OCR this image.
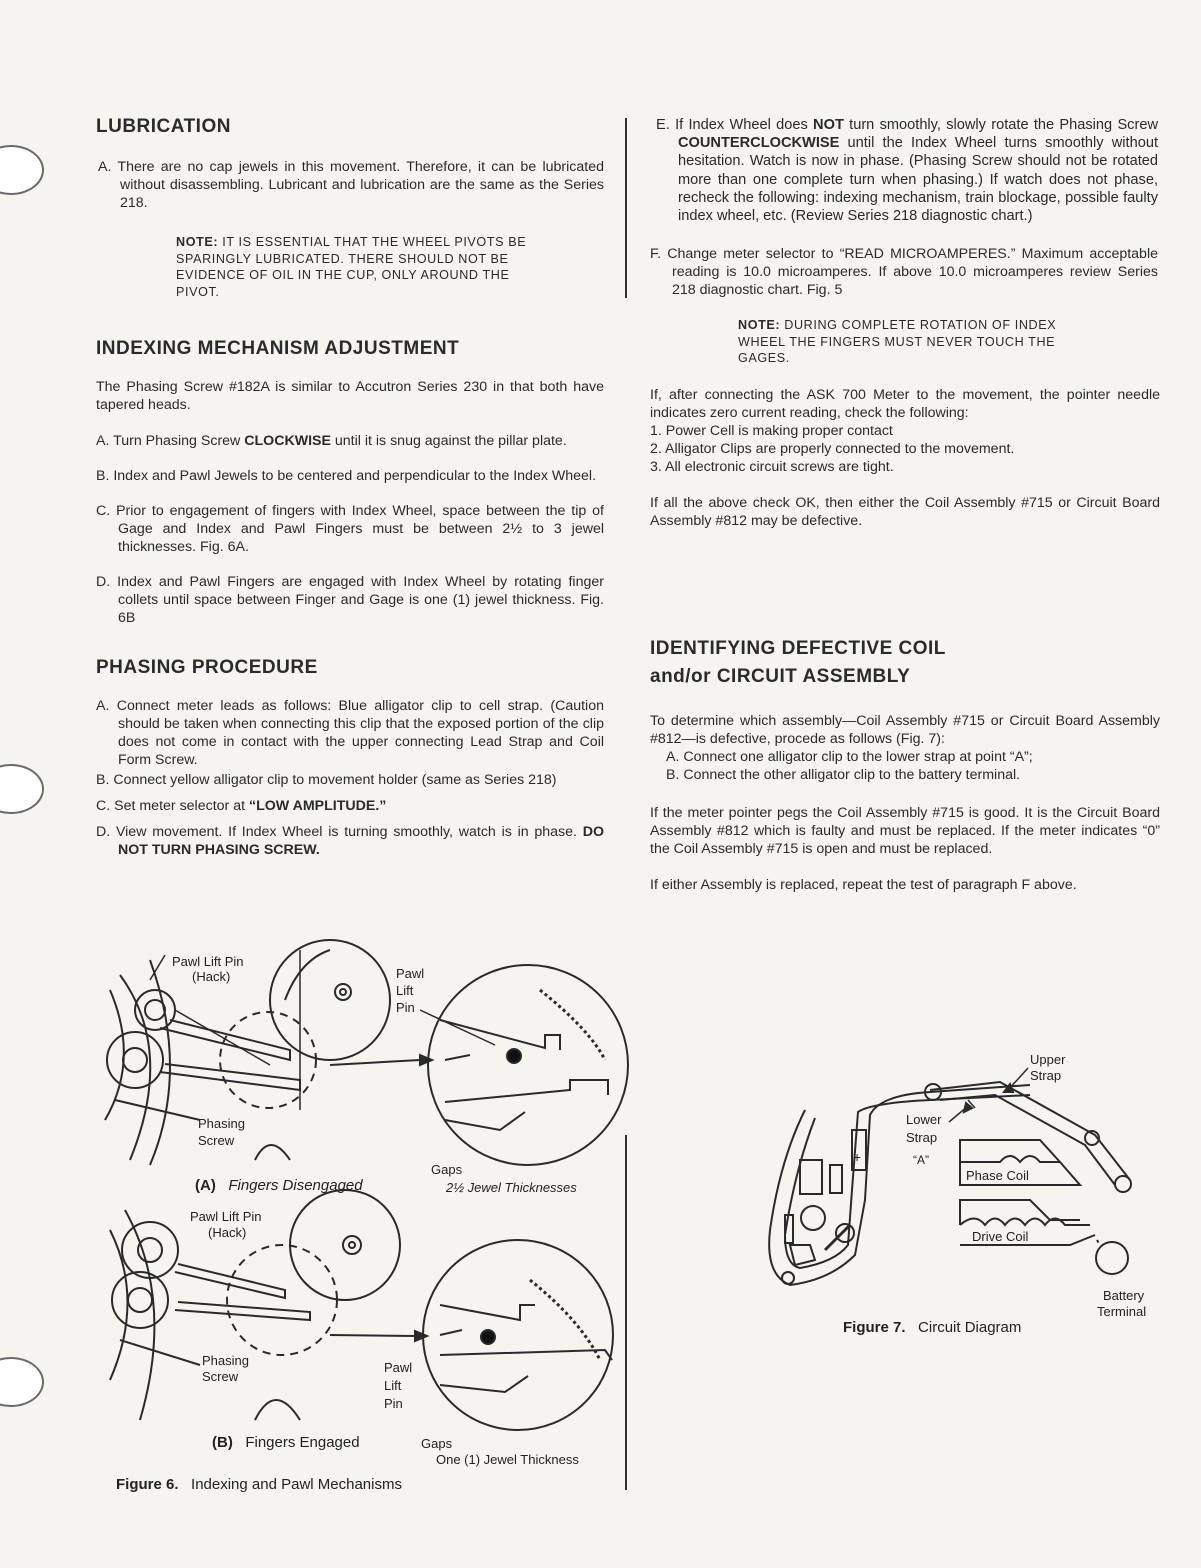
LUBRICATION

A. There are no cap jewels in this movement. Therefore, it can be lubricated without disassembling. Lubricant and lubrication are the same as the Series 218.

NOTE: IT IS ESSENTIAL THAT THE WHEEL PIVOTS BE SPARINGLY LUBRICATED. THERE SHOULD NOT BE EVIDENCE OF OIL IN THE CUP, ONLY AROUND THE PIVOT.

INDEXING MECHANISM ADJUSTMENT

The Phasing Screw #182A is similar to Accutron Series 230 in that both have tapered heads.

A. Turn Phasing Screw CLOCKWISE until it is snug against the pillar plate.

B. Index and Pawl Jewels to be centered and perpendicular to the Index Wheel.

C. Prior to engagement of fingers with Index Wheel, space between the tip of Gage and Index and Pawl Fingers must be between 2½ to 3 jewel thicknesses. Fig. 6A.

D. Index and Pawl Fingers are engaged with Index Wheel by rotating finger collets until space between Finger and Gage is one (1) jewel thickness. Fig. 6B

PHASING PROCEDURE

A. Connect meter leads as follows: Blue alligator clip to cell strap. (Caution should be taken when connecting this clip that the exposed portion of the clip does not come in contact with the upper connecting Lead Strap and Coil Form Screw.

B. Connect yellow alligator clip to movement holder (same as Series 218)

C. Set meter selector at “LOW AMPLITUDE.”

D. View movement. If Index Wheel is turning smoothly, watch is in phase. DO NOT TURN PHASING SCREW.

Pawl Lift Pin
(Hack)	Pawl
Lift
Pin
Phasing
Screw
Gaps
2½ Jewel Thicknesses
(A) Fingers Disengaged
Pawl Lift Pin
(Hack)
Phasing
Screw
Pawl
Lift
Pin
Gaps
One (1) Jewel Thickness
(B) Fingers Engaged
Figure 6. Indexing and Pawl Mechanisms

E. If Index Wheel does NOT turn smoothly, slowly rotate the Phasing Screw COUNTERCLOCKWISE until the Index Wheel turns smoothly without hesitation. Watch is now in phase. (Phasing Screw should not be rotated more than one complete turn when phasing.) If watch does not phase, recheck the following: indexing mechanism, train blockage, possible faulty index wheel, etc. (Review Series 218 diagnostic chart.)

F. Change meter selector to “READ MICROAMPERES.” Maximum acceptable reading is 10.0 microamperes. If above 10.0 microamperes review Series 218 diagnostic chart. Fig. 5

NOTE: DURING COMPLETE ROTATION OF INDEX WHEEL THE FINGERS MUST NEVER TOUCH THE GAGES.

If, after connecting the ASK 700 Meter to the movement, the pointer needle indicates zero current reading, check the following:

1. Power Cell is making proper contact

2. Alligator Clips are properly connected to the movement.

3. All electronic circuit screws are tight.

If all the above check OK, then either the Coil Assembly #715 or Circuit Board Assembly #812 may be defective.

IDENTIFYING DEFECTIVE COIL
and/or CIRCUIT ASSEMBLY

To determine which assembly—Coil Assembly #715 or Circuit Board Assembly #812—is defective, procede as follows (Fig. 7):

A. Connect one alligator clip to the lower strap at point “A”;

B. Connect the other alligator clip to the battery terminal.

If the meter pointer pegs the Coil Assembly #715 is good. It is the Circuit Board Assembly #812 which is faulty and must be replaced. If the meter indicates “0” the Coil Assembly #715 is open and must be replaced.

If either Assembly is replaced, repeat the test of paragraph F above.

+
Upper
Strap
Lower
Strap
“A”
Phase Coil
Drive Coil
Battery
Terminal
Figure 7. Circuit Diagram
